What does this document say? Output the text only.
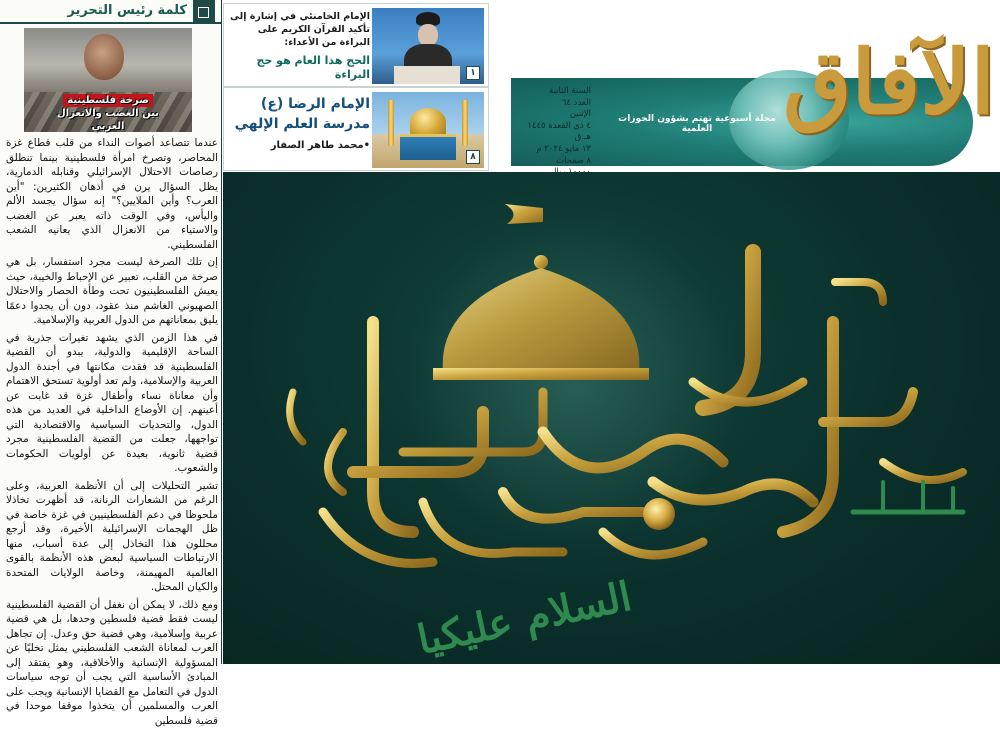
كلمة رئيس التحرير
صرخة فلسطينية
بين الغضب والانعزال العربي

عندما تتصاعد أصوات النداء من قلب قطاع غزة المحاصر، وتصرخ امرأة فلسطينية بينما تنطلق رصاصات الاحتلال الإسرائيلي وقنابله الدمارية، يظل السؤال يرن في أذهان الكثيرين: "أين العرب؟ وأين الملايين؟" إنه سؤال يجسد الألم واليأس، وفي الوقت ذاته يعبر عن الغضب والاستياء من الانعزال الذي يعانيه الشعب الفلسطيني.

إن تلك الصرخة ليست مجرد استفسار، بل هي صرخة من القلب، تعبير عن الإحباط والخيبة، حيث يعيش الفلسطينيون تحت وطأة الحصار والاحتلال الصهيوني الغاشم منذ عقود، دون أن يجدوا دعمًا يليق بمعاناتهم من الدول العربية والإسلامية.

في هذا الزمن الذي يشهد تغيرات جذرية في الساحة الإقليمية والدولية، يبدو أن القضية الفلسطينية قد فقدت مكانتها في أجندة الدول العربية والإسلامية، ولم تعد أولوية تستحق الاهتمام وأن معاناة نساء وأطفال غزة قد غابت عن أعينهم. إن الأوضاع الداخلية في العديد من هذه الدول، والتحديات السياسية والاقتصادية التي تواجهها، جعلت من القضية الفلسطينية مجرد قضية ثانوية، بعيدة عن أولويات الحكومات والشعوب.

تشير التحليلات إلى أن الأنظمة العربية، وعلى الرغم من الشعارات الرنانة، قد أظهرت تخاذلا ملحوظا في دعم الفلسطينيين في غزة خاصة في ظل الهجمات الإسرائيلية الأخيرة، وقد أرجع محللون هذا التخاذل إلى عدة أسباب، منها الارتباطات السياسية لبعض هذه الأنظمة بالقوى العالمية المهيمنة، وخاصة الولايات المتحدة والكيان المحتل.

ومع ذلك، لا يمكن أن نغفل أن القضية الفلسطينية ليست فقط قضية فلسطين وحدها، بل هي قضية عربية وإسلامية، وهي قضية حق وعدل. إن تجاهل العرب لمعاناة الشعب الفلسطيني يمثل تخليًا عن المسؤولية الإنسانية والأخلاقية، وهو يفتقد إلى المبادئ الأساسية التي يجب أن توجه سياسات الدول في التعامل مع القضايا الإنسانية ويجب على العرب والمسلمين أن يتخذوا موقفا موحدا في قضية فلسطين

١
الإمام الخامنئي في إشارة إلى تأكيد القرآن الكريم على البراءة من الأعداء:
الحج هذا العام هو حج البراءة
٨
الإمام الرضا (ع) مدرسة العلم الإلهي
•محمد طاهر الصفار
السنة الثانية
العدد ٦٤
الإثنين
٤ ذي القعدة ١٤٤٥ هـ.ق
١٣ مايو ٢٠٢٤ م
٨ صفحات
مجلة أسبوعية تهتم بشؤون الحوزات العلمية الآفاق
السلام عليكيا
